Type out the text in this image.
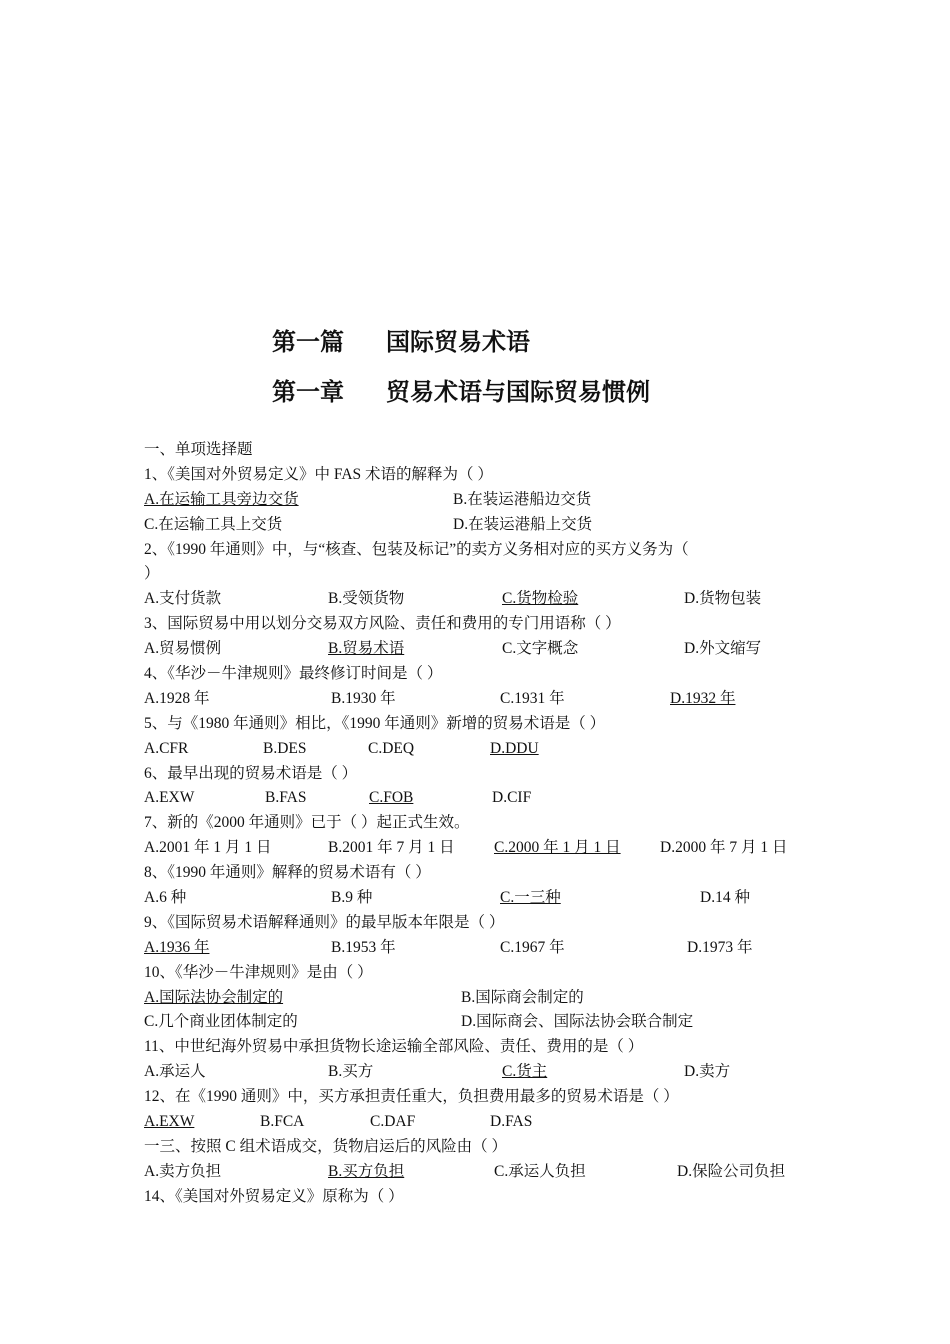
第一篇 国际贸易术语
第一章 贸易术语与国际贸易惯例
一、单项选择题
1、《美国对外贸易定义》中 FAS 术语的解释为（ ）
A.在运输工具旁边交货	B.在装运港船边交货
C.在运输工具上交货	D.在装运港船上交货
2、《1990 年通则》中，与“核查、包装及标记”的卖方义务相对应的买方义务为（
）
A.支付货款	B.受领货物	C.货物检验	D.货物包装
3、国际贸易中用以划分交易双方风险、责任和费用的专门用语称（ ）
A.贸易惯例	B.贸易术语	C.文字概念	D.外文缩写
4、《华沙－牛津规则》最终修订时间是（ ）
A.1928 年	B.1930 年	C.1931 年	D.1932 年
5、与《1980 年通则》相比，《1990 年通则》新增的贸易术语是（ ）
A.CFR	B.DES	C.DEQ	D.DDU
6、最早出现的贸易术语是（ ）
A.EXW	B.FAS	C.FOB	D.CIF
7、新的《2000 年通则》已于（ ）起正式生效。
A.2001 年 1 月 1 日	B.2001 年 7 月 1 日	C.2000 年 1 月 1 日	D.2000 年 7 月 1 日
8、《1990 年通则》解释的贸易术语有（ ）
A.6 种	B.9 种	C.一三种	D.14 种
9、《国际贸易术语解释通则》的最早版本年限是（ ）
A.1936 年	B.1953 年	C.1967 年	D.1973 年
10、《华沙－牛津规则》是由（ ）
A.国际法协会制定的	B.国际商会制定的
C.几个商业团体制定的	D.国际商会、国际法协会联合制定
11、中世纪海外贸易中承担货物长途运输全部风险、责任、费用的是（ ）
A.承运人	B.买方	C.货主	D.卖方
12、在《1990 通则》中，买方承担责任重大，负担费用最多的贸易术语是（ ）
A.EXW	B.FCA	C.DAF	D.FAS
一三、按照 C 组术语成交，货物启运后的风险由（ ）
A.卖方负担	B.买方负担	C.承运人负担	D.保险公司负担
14、《美国对外贸易定义》原称为（ ）
